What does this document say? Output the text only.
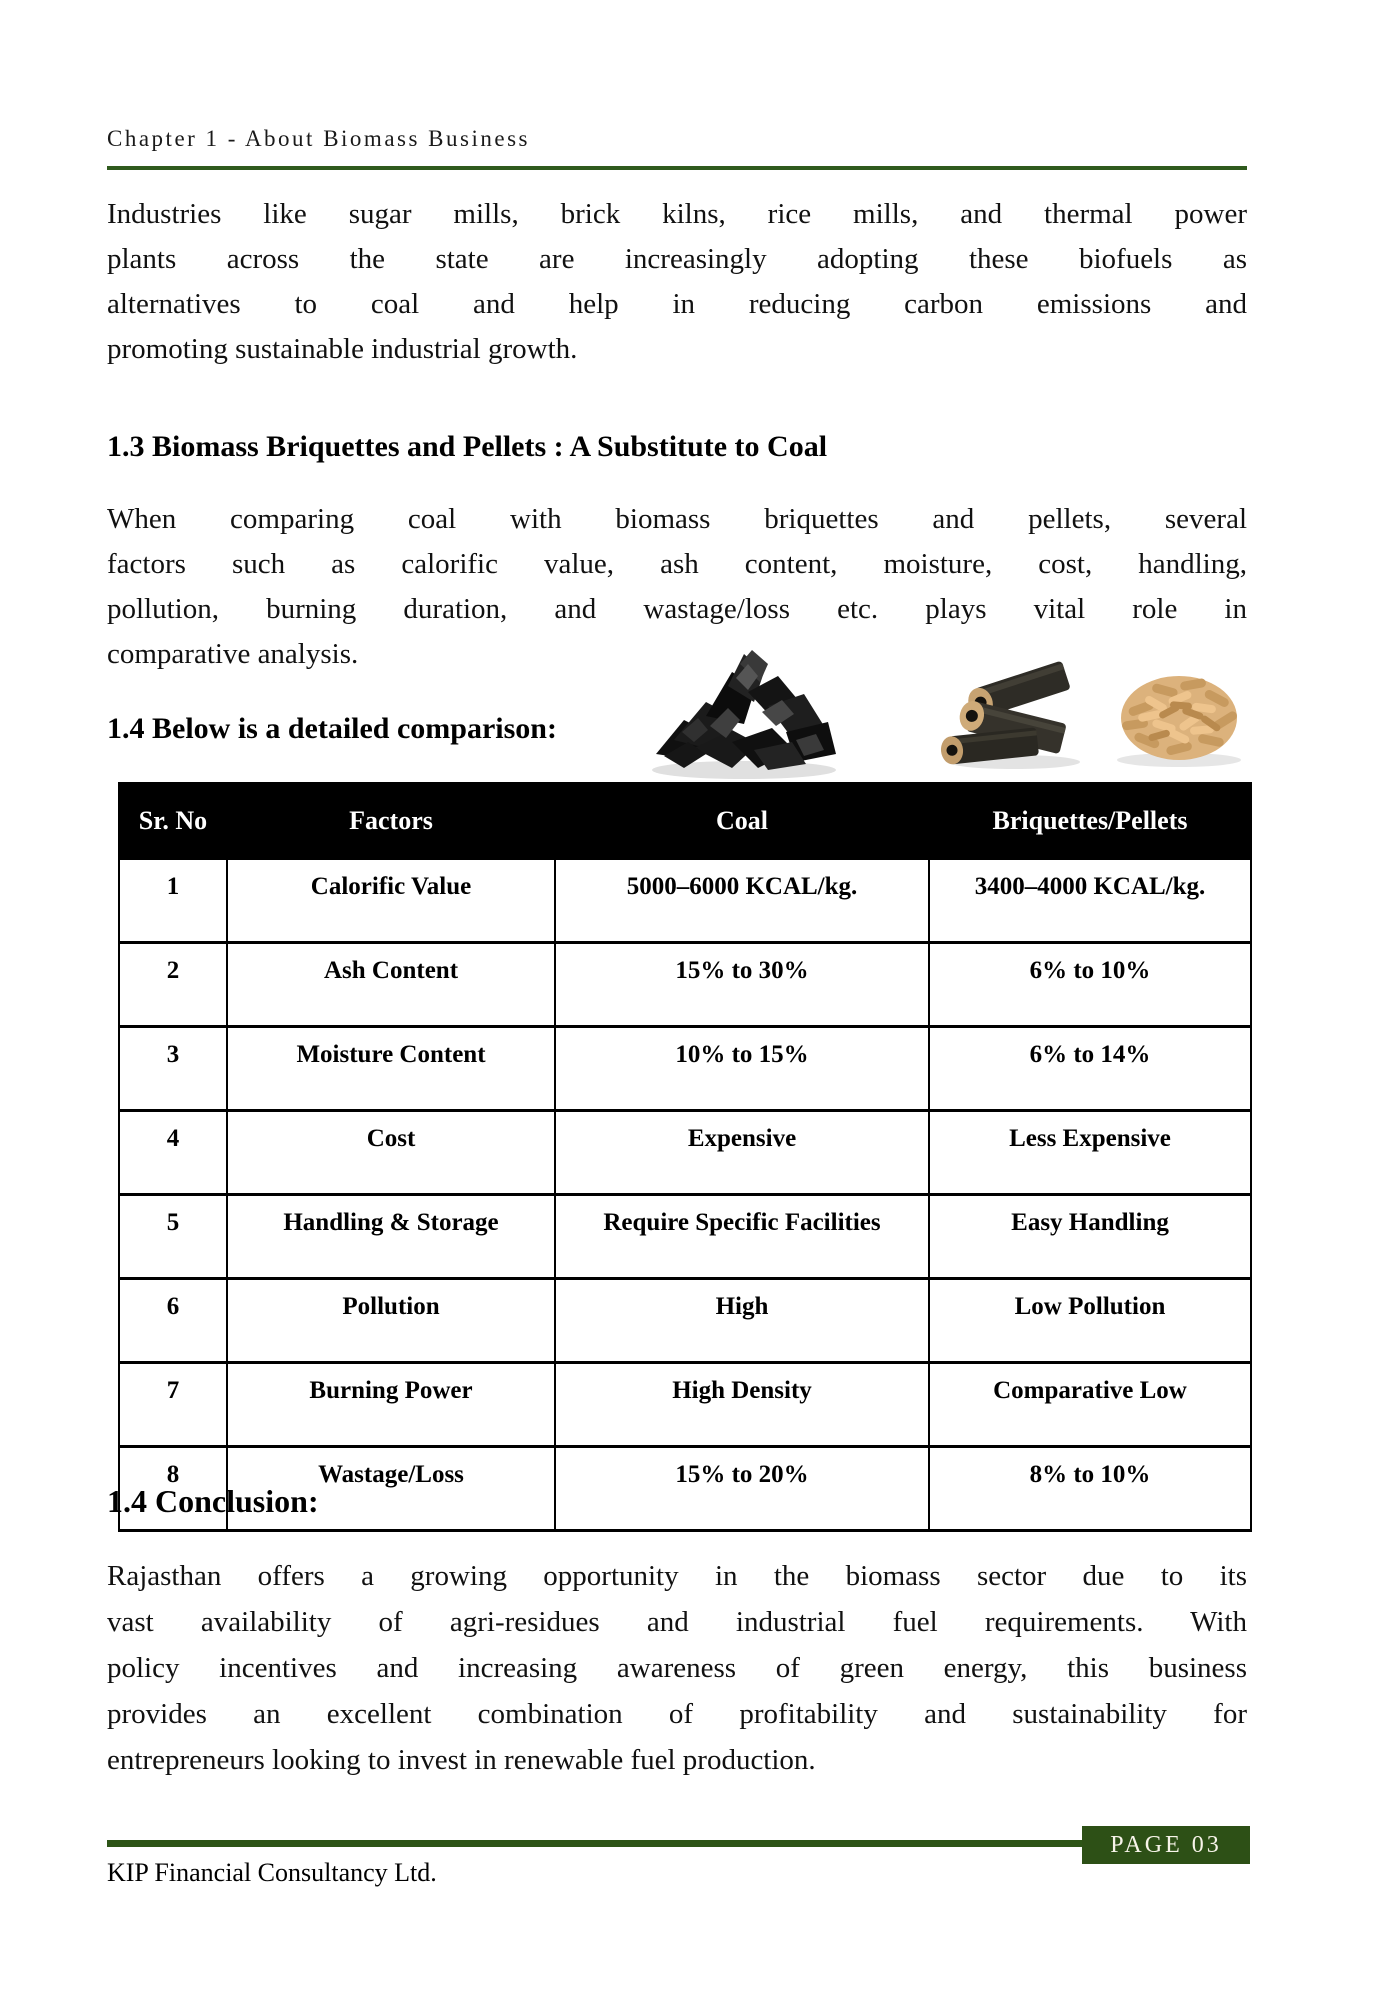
Chapter 1 - About Biomass Business
Industries like sugar mills, brick kilns, rice mills, and thermal power
plants across the state are increasingly adopting these biofuels as
alternatives to coal and help in reducing carbon emissions and
promoting sustainable industrial growth.
1.3 Biomass Briquettes and Pellets : A Substitute to Coal
When comparing coal with biomass briquettes and pellets, several
factors such as calorific value, ash content, moisture, cost, handling,
pollution, burning duration, and wastage/loss etc. plays vital role in
comparative analysis.
1.4 Below is a detailed comparison:
Sr. No	Factors	Coal	Briquettes/Pellets
1	Calorific Value	5000–6000 KCAL/kg.	3400–4000 KCAL/kg.
2	Ash Content	15% to 30%	6% to 10%
3	Moisture Content	10% to 15%	6% to 14%
4	Cost	Expensive	Less Expensive
5	Handling & Storage	Require Specific Facilities	Easy Handling
6	Pollution	High	Low Pollution
7	Burning Power	High Density	Comparative Low
8	Wastage/Loss	15% to 20%	8% to 10%
1.4 Conclusion:
Rajasthan offers a growing opportunity in the biomass sector due to its
vast availability of agri-residues and industrial fuel requirements. With
policy incentives and increasing awareness of green energy, this business
provides an excellent combination of profitability and sustainability for
entrepreneurs looking to invest in renewable fuel production.
PAGE 03
KIP Financial Consultancy Ltd.
